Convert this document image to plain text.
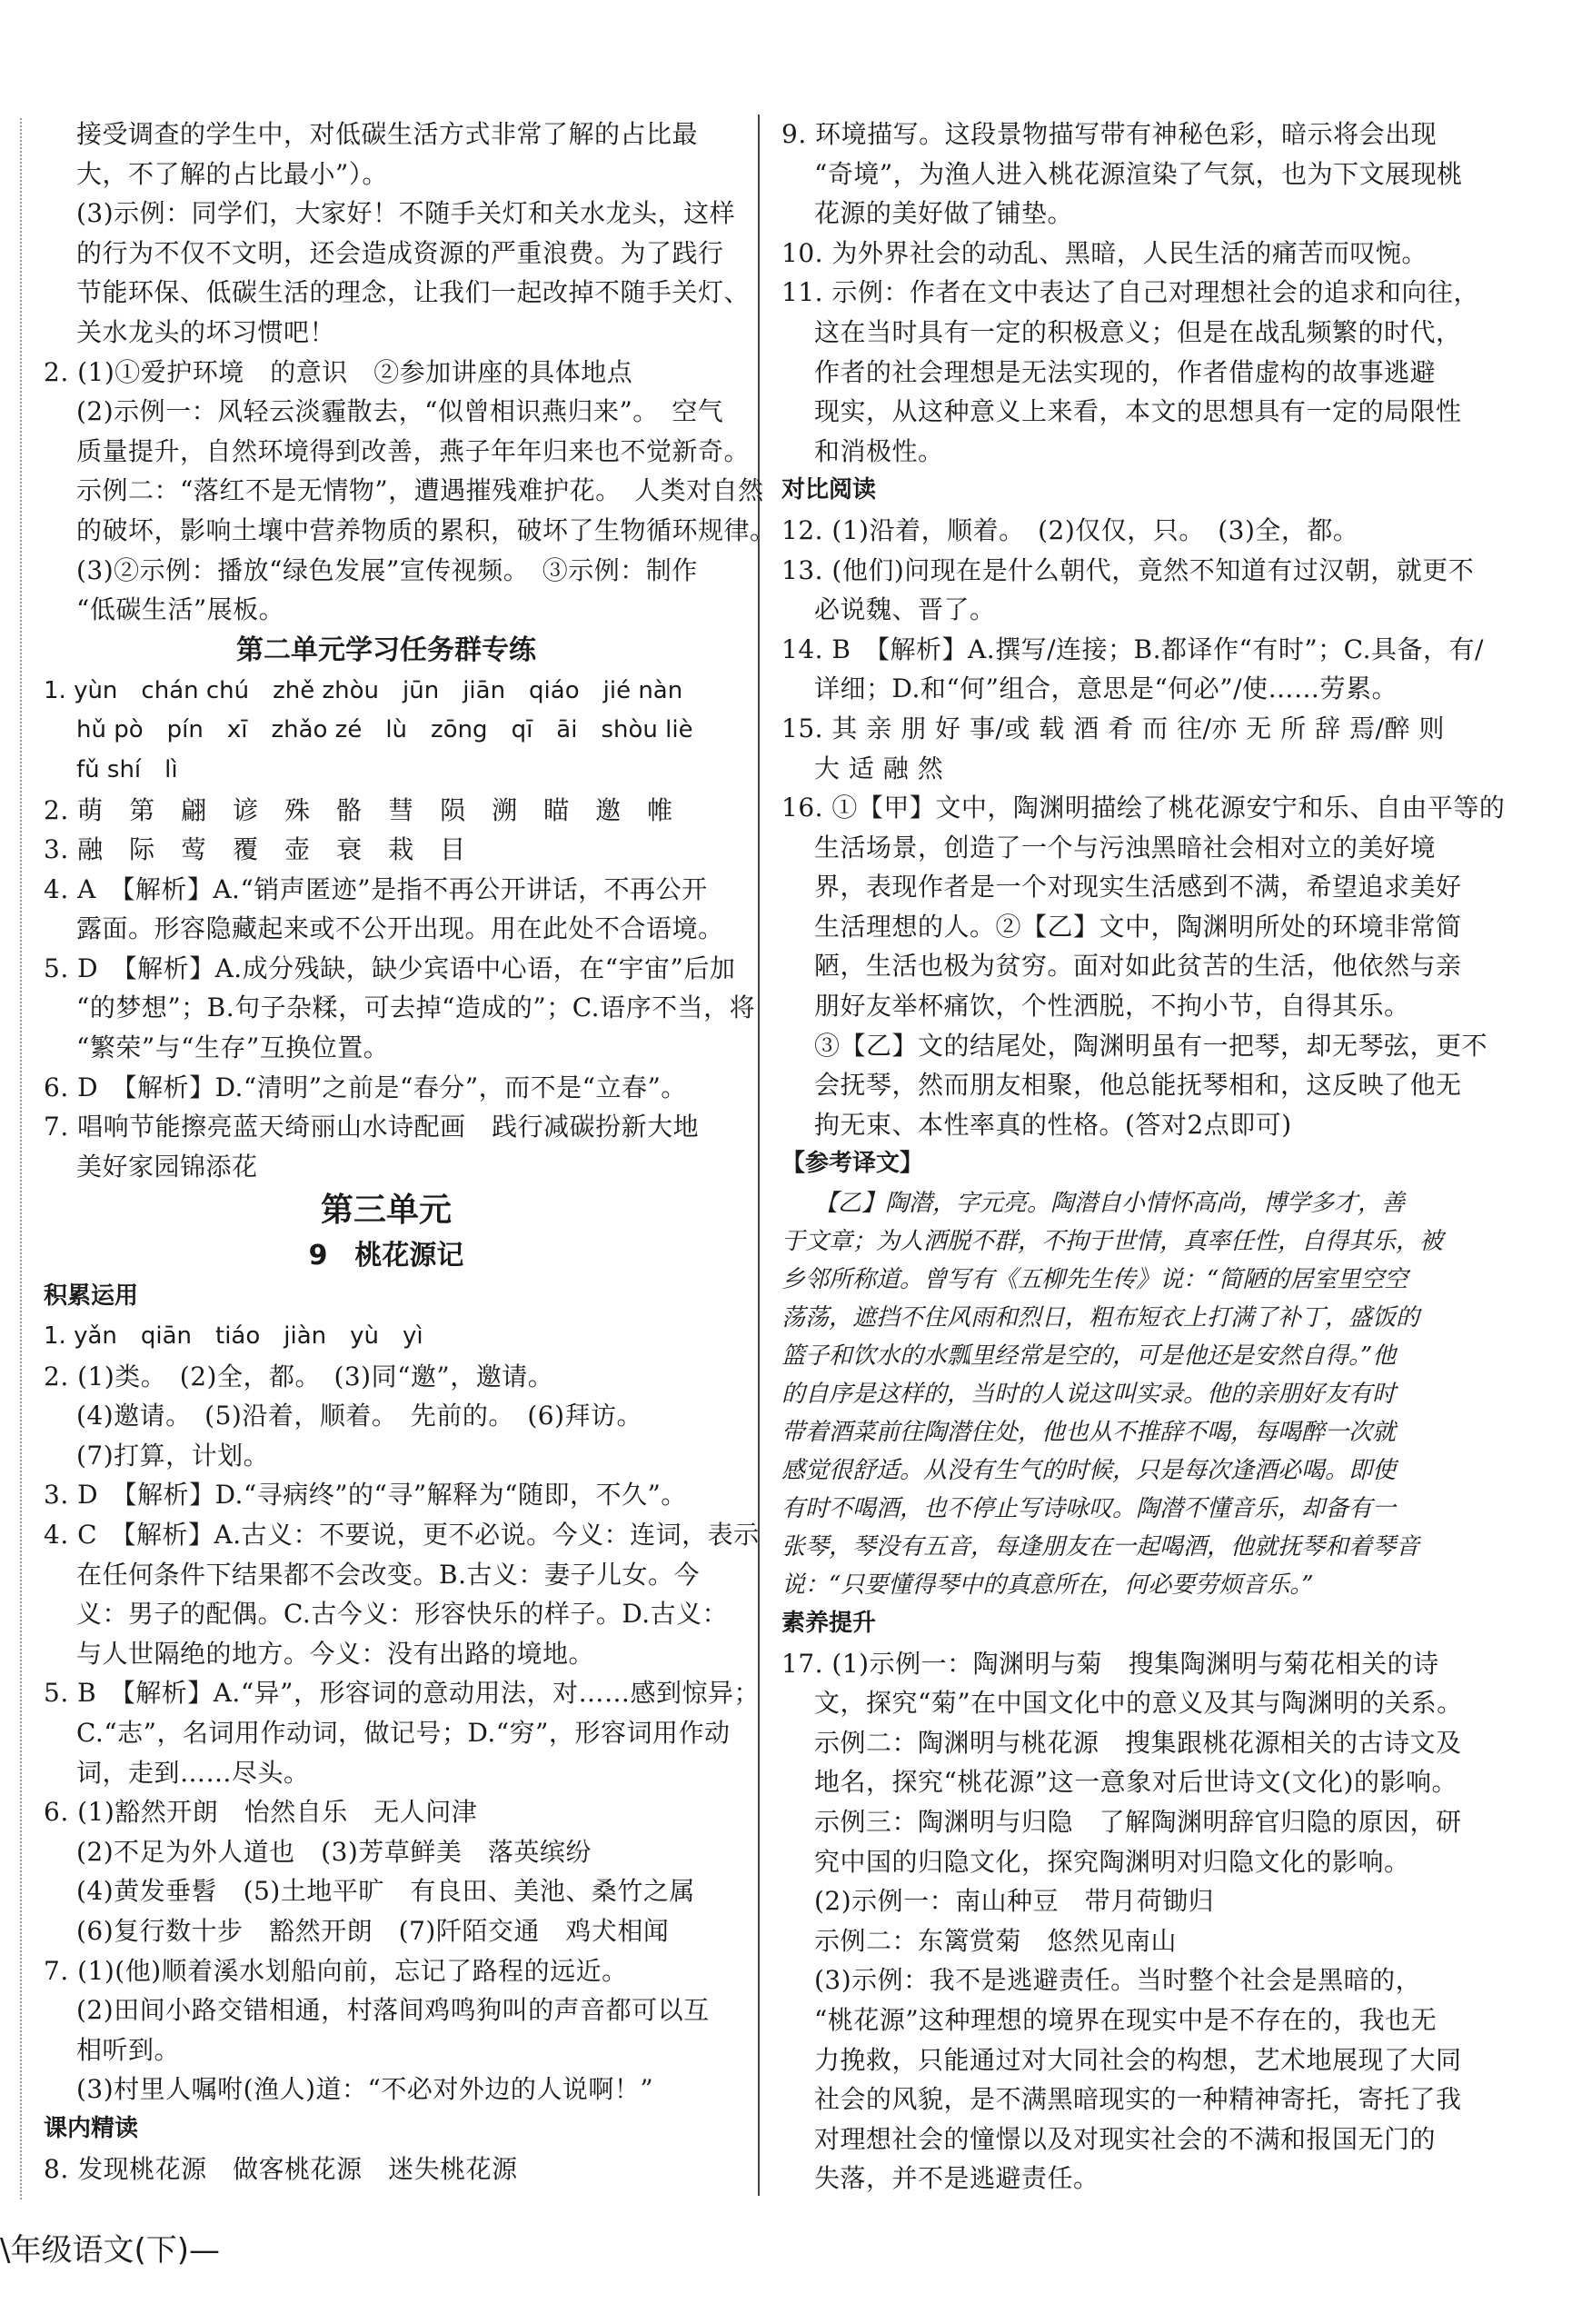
接受调查的学生中，对低碳生活方式非常了解的占比最
大，不了解的占比最小”）。
(3)示例：同学们，大家好！不随手关灯和关水龙头，这样
的行为不仅不文明，还会造成资源的严重浪费。为了践行
节能环保、低碳生活的理念，让我们一起改掉不随手关灯、
关水龙头的坏习惯吧！
2. (1)①爱护环境　的意识　②参加讲座的具体地点
(2)示例一：风轻云淡霾散去，“似曾相识燕归来”。　空气
质量提升，自然环境得到改善，燕子年年归来也不觉新奇。
示例二：“落红不是无情物”，遭遇摧残难护花。　人类对自然
的破坏，影响土壤中营养物质的累积，破坏了生物循环规律。
(3)②示例：播放“绿色发展”宣传视频。　③示例：制作
“低碳生活”展板。
第二单元学习任务群专练
1. yùn　chán chú　zhě zhòu　jūn　jiān　qiáo　jié nàn
hǔ pò　pín　xī　zhǎo zé　lù　zōng　qī　āi　shòu liè
fǔ shí　lì
2. 萌　第　翩　谚　殊　骼　彗　陨　溯　瞄　邀　帷
3. 融　际　莺　覆　壶　衰　栽　目
4. A　【解析】A.“销声匿迹”是指不再公开讲话，不再公开
露面。形容隐藏起来或不公开出现。用在此处不合语境。
5. D　【解析】A.成分残缺，缺少宾语中心语，在“宇宙”后加
“的梦想”；B.句子杂糅，可去掉“造成的”；C.语序不当，将
“繁荣”与“生存”互换位置。
6. D　【解析】D.“清明”之前是“春分”，而不是“立春”。
7. 唱响节能擦亮蓝天绮丽山水诗配画　践行减碳扮新大地
美好家园锦添花
第三单元
9　桃花源记
积累运用
1. yǎn　qiān　tiáo　jiàn　yù　yì
2. (1)类。　(2)全，都。　(3)同“邀”，邀请。
(4)邀请。　(5)沿着，顺着。　先前的。　(6)拜访。
(7)打算，计划。
3. D　【解析】D.“寻病终”的“寻”解释为“随即，不久”。
4. C　【解析】A.古义：不要说，更不必说。今义：连词，表示
在任何条件下结果都不会改变。B.古义：妻子儿女。今
义：男子的配偶。C.古今义：形容快乐的样子。D.古义：
与人世隔绝的地方。今义：没有出路的境地。
5. B　【解析】A.“异”，形容词的意动用法，对……感到惊异；
C.“志”，名词用作动词，做记号；D.“穷”，形容词用作动
词，走到……尽头。
6. (1)豁然开朗　怡然自乐　无人问津
(2)不足为外人道也　(3)芳草鲜美　落英缤纷
(4)黄发垂髫　(5)土地平旷　有良田、美池、桑竹之属
(6)复行数十步　豁然开朗　(7)阡陌交通　鸡犬相闻
7. (1)(他)顺着溪水划船向前，忘记了路程的远近。
(2)田间小路交错相通，村落间鸡鸣狗叫的声音都可以互
相听到。
(3)村里人嘱咐(渔人)道：“不必对外边的人说啊！”
课内精读
8. 发现桃花源　做客桃花源　迷失桃花源
9. 环境描写。这段景物描写带有神秘色彩，暗示将会出现
“奇境”，为渔人进入桃花源渲染了气氛，也为下文展现桃
花源的美好做了铺垫。
10. 为外界社会的动乱、黑暗，人民生活的痛苦而叹惋。
11. 示例：作者在文中表达了自己对理想社会的追求和向往，
这在当时具有一定的积极意义；但是在战乱频繁的时代，
作者的社会理想是无法实现的，作者借虚构的故事逃避
现实，从这种意义上来看，本文的思想具有一定的局限性
和消极性。
对比阅读
12. (1)沿着，顺着。　(2)仅仅，只。　(3)全，都。
13. (他们)问现在是什么朝代，竟然不知道有过汉朝，就更不
必说魏、晋了。
14. B　【解析】A.撰写/连接；B.都译作“有时”；C.具备，有/
详细；D.和“何”组合，意思是“何必”/使……劳累。
15. 其 亲 朋 好 事/或 载 酒 肴 而 往/亦 无 所 辞 焉/醉 则
大 适 融 然
16. ①【甲】文中，陶渊明描绘了桃花源安宁和乐、自由平等的
生活场景，创造了一个与污浊黑暗社会相对立的美好境
界，表现作者是一个对现实生活感到不满，希望追求美好
生活理想的人。②【乙】文中，陶渊明所处的环境非常简
陋，生活也极为贫穷。面对如此贫苦的生活，他依然与亲
朋好友举杯痛饮，个性洒脱，不拘小节，自得其乐。
③【乙】文的结尾处，陶渊明虽有一把琴，却无琴弦，更不
会抚琴，然而朋友相聚，他总能抚琴相和，这反映了他无
拘无束、本性率真的性格。(答对2点即可)
【参考译文】
【乙】陶潜，字元亮。陶潜自小情怀高尚，博学多才，善
于文章；为人洒脱不群，不拘于世情，真率任性，自得其乐，被
乡邻所称道。曾写有《五柳先生传》说：“简陋的居室里空空
荡荡，遮挡不住风雨和烈日，粗布短衣上打满了补丁，盛饭的
篮子和饮水的水瓢里经常是空的，可是他还是安然自得。”他
的自序是这样的，当时的人说这叫实录。他的亲朋好友有时
带着酒菜前往陶潜住处，他也从不推辞不喝，每喝醉一次就
感觉很舒适。从没有生气的时候，只是每次逢酒必喝。即使
有时不喝酒，也不停止写诗咏叹。陶潜不懂音乐，却备有一
张琴，琴没有五音，每逢朋友在一起喝酒，他就抚琴和着琴音
说：“只要懂得琴中的真意所在，何必要劳烦音乐。”
素养提升
17. (1)示例一：陶渊明与菊　搜集陶渊明与菊花相关的诗
文，探究“菊”在中国文化中的意义及其与陶渊明的关系。
示例二：陶渊明与桃花源　搜集跟桃花源相关的古诗文及
地名，探究“桃花源”这一意象对后世诗文(文化)的影响。
示例三：陶渊明与归隐　了解陶渊明辞官归隐的原因，研
究中国的归隐文化，探究陶渊明对归隐文化的影响。
(2)示例一：南山种豆　带月荷锄归
示例二：东篱赏菊　悠然见南山
(3)示例：我不是逃避责任。当时整个社会是黑暗的，
“桃花源”这种理想的境界在现实中是不存在的，我也无
力挽救，只能通过对大同社会的构想，艺术地展现了大同
社会的风貌，是不满黑暗现实的一种精神寄托，寄托了我
对理想社会的憧憬以及对现实社会的不满和报国无门的
失落，并不是逃避责任。
\年级语文(下)—
